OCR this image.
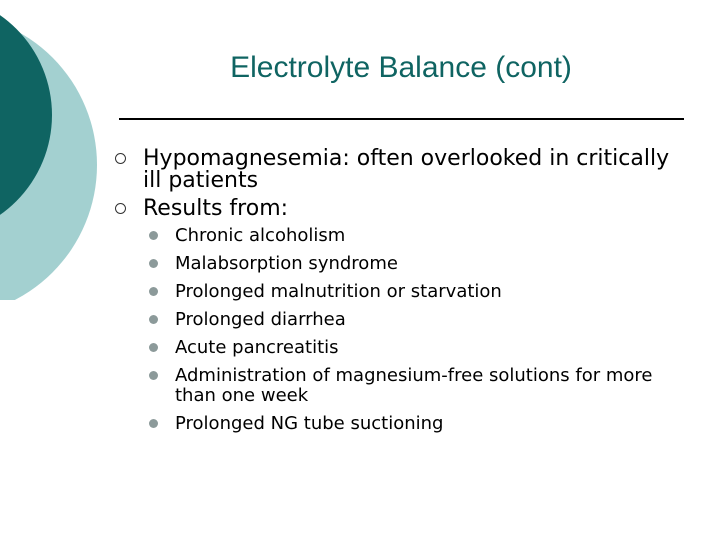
Electrolyte Balance (cont)
Hypomagnesemia: often overlooked in critically ill patients
Results from:
Chronic alcoholism
Malabsorption syndrome
Prolonged malnutrition or starvation
Prolonged diarrhea
Acute pancreatitis
Administration of magnesium-free solutions for more than one week
Prolonged NG tube suctioning
